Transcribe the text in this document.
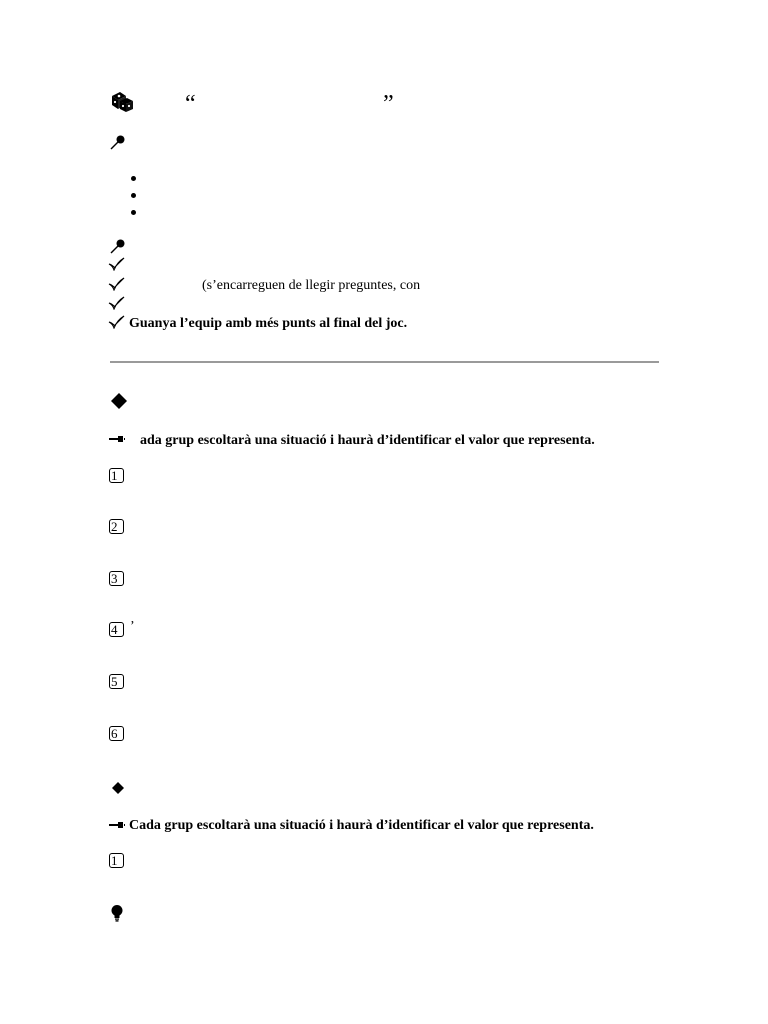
“	”
(s’encarreguen de llegir preguntes, con
Guanya l’equip amb més punts al final del joc.
ada grup escoltarà una situació i haurà d’identificar el valor que representa.
1
2
3
4 ’
5
6
Cada grup escoltarà una situació i haurà d’identificar el valor que representa.
1
